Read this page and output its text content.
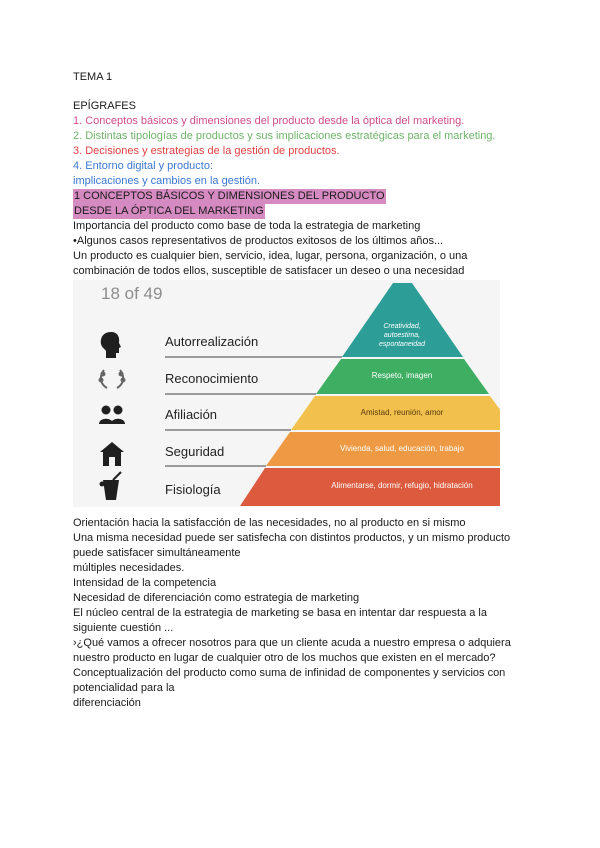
TEMA 1
EPÍGRAFES
1. Conceptos básicos y dimensiones del producto desde la óptica del marketing.
2. Distintas tipologías de productos y sus implicaciones estratégicas para el marketing.
3. Decisiones y estrategias de la gestión de productos.
4. Entorno digital y producto:
implicaciones y cambios en la gestión.
1 CONCEPTOS BÁSICOS Y DIMENSIONES DEL PRODUCTO
DESDE LA ÓPTICA DEL MARKETING
Importancia del producto como base de toda la estrategia de marketing
•Algunos casos representativos de productos exitosos de los últimos años...
Un producto es cualquier bien, servicio, idea, lugar, persona, organización, o una
combinación de todos ellos, susceptible de satisfacer un deseo o una necesidad
18 of 49
Creatividad,
autoestima,
espontaneidad
Respeto, imagen
Amistad, reunión, amor
Vivienda, salud, educación, trabajo
Alimentarse, dormir, refugio, hidratación
Autorrealización
Reconocimiento
Afiliación
Seguridad
Fisiología
Orientación hacia la satisfacción de las necesidades, no al producto en si mismo
Una misma necesidad puede ser satisfecha con distintos productos, y un mismo producto
puede satisfacer simultáneamente
múltiples necesidades.
Intensidad de la competencia
Necesidad de diferenciación como estrategia de marketing
El núcleo central de la estrategia de marketing se basa en intentar dar respuesta a la
siguiente cuestión ...
›¿Qué vamos a ofrecer nosotros para que un cliente acuda a nuestro empresa o adquiera
nuestro producto en lugar de cualquier otro de los muchos que existen en el mercado?
Conceptualización del producto como suma de infinidad de componentes y servicios con
potencialidad para la
diferenciación
